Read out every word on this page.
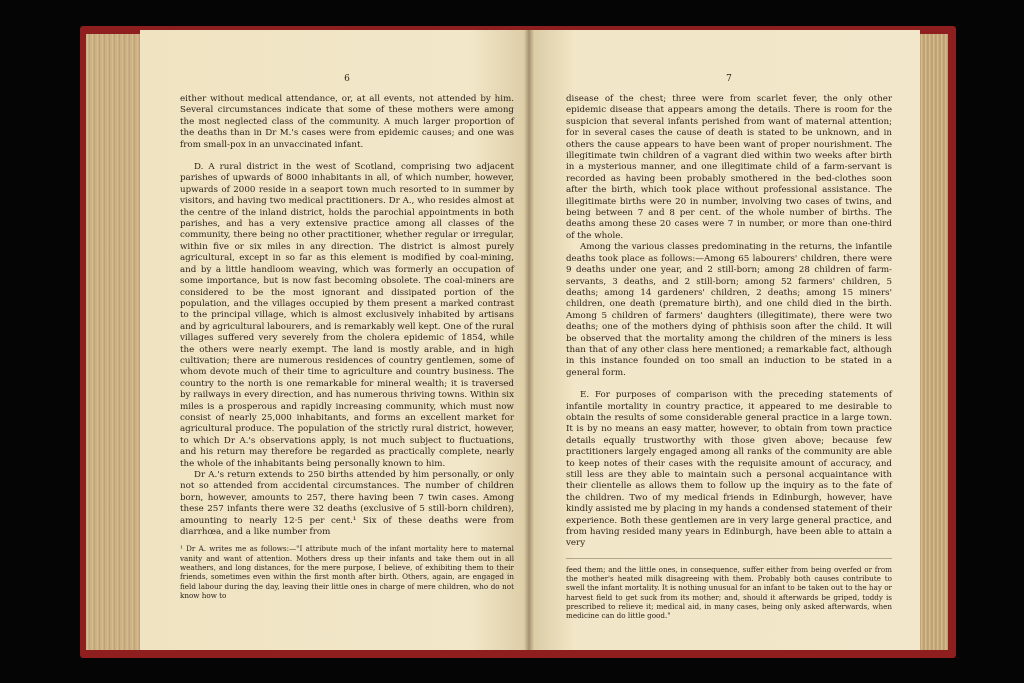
6

either without medical attendance, or, at all events, not attended by him. Several circumstances indicate that some of these mothers were among the most neglected class of the community. A much larger proportion of the deaths than in Dr M.'s cases were from epidemic causes; and one was from small-pox in an unvaccinated infant.

D. A rural district in the west of Scotland, comprising two adjacent parishes of upwards of 8000 inhabitants in all, of which number, however, upwards of 2000 reside in a seaport town much resorted to in summer by visitors, and having two medical practitioners. Dr A., who resides almost at the centre of the inland district, holds the parochial appointments in both parishes, and has a very extensive practice among all classes of the community, there being no other practitioner, whether regular or irregular, within five or six miles in any direction. The district is almost purely agricultural, except in so far as this element is modified by coal-mining, and by a little handloom weaving, which was formerly an occupation of some importance, but is now fast becoming obsolete. The coal-miners are considered to be the most ignorant and dissipated portion of the population, and the villages occupied by them present a marked contrast to the principal village, which is almost exclusively inhabited by artisans and by agricultural labourers, and is remarkably well kept. One of the rural villages suffered very severely from the cholera epidemic of 1854, while the others were nearly exempt. The land is mostly arable, and in high cultivation; there are numerous residences of country gentlemen, some of whom devote much of their time to agriculture and country business. The country to the north is one remarkable for mineral wealth; it is traversed by railways in every direction, and has numerous thriving towns. Within six miles is a prosperous and rapidly increasing community, which must now consist of nearly 25,000 inhabitants, and forms an excellent market for agricultural produce. The population of the strictly rural district, however, to which Dr A.'s observations apply, is not much subject to fluctuations, and his return may therefore be regarded as practically complete, nearly the whole of the inhabitants being personally known to him.

Dr A.'s return extends to 250 births attended by him personally, or only not so attended from accidental circumstances. The number of children born, however, amounts to 257, there having been 7 twin cases. Among these 257 infants there were 32 deaths (exclusive of 5 still-born children), amounting to nearly 12·5 per cent.¹ Six of these deaths were from diarrhœa, and a like number from

¹ Dr A. writes me as follows:—"I attribute much of the infant mortality here to maternal vanity and want of attention. Mothers dress up their infants and take them out in all weathers, and long distances, for the mere purpose, I believe, of exhibiting them to their friends, sometimes even within the first month after birth. Others, again, are engaged in field labour during the day, leaving their little ones in charge of mere children, who do not know how to

7

disease of the chest; three were from scarlet fever, the only other epidemic disease that appears among the details. There is room for the suspicion that several infants perished from want of maternal attention; for in several cases the cause of death is stated to be unknown, and in others the cause appears to have been want of proper nourishment. The illegitimate twin children of a vagrant died within two weeks after birth in a mysterious manner, and one illegitimate child of a farm-servant is recorded as having been probably smothered in the bed-clothes soon after the birth, which took place without professional assistance. The illegitimate births were 20 in number, involving two cases of twins, and being between 7 and 8 per cent. of the whole number of births. The deaths among these 20 cases were 7 in number, or more than one-third of the whole.

Among the various classes predominating in the returns, the infantile deaths took place as follows:—Among 65 labourers' children, there were 9 deaths under one year, and 2 still-born; among 28 children of farm-servants, 3 deaths, and 2 still-born; among 52 farmers' children, 5 deaths; among 14 gardeners' children, 2 deaths; among 15 miners' children, one death (premature birth), and one child died in the birth. Among 5 children of farmers' daughters (illegitimate), there were two deaths; one of the mothers dying of phthisis soon after the child. It will be observed that the mortality among the children of the miners is less than that of any other class here mentioned; a remarkable fact, although in this instance founded on too small an induction to be stated in a general form.

E. For purposes of comparison with the preceding statements of infantile mortality in country practice, it appeared to me desirable to obtain the results of some considerable general practice in a large town. It is by no means an easy matter, however, to obtain from town practice details equally trustworthy with those given above; because few practitioners largely engaged among all ranks of the community are able to keep notes of their cases with the requisite amount of accuracy, and still less are they able to maintain such a personal acquaintance with their clientelle as allows them to follow up the inquiry as to the fate of the children. Two of my medical friends in Edinburgh, however, have kindly assisted me by placing in my hands a condensed statement of their experience. Both these gentlemen are in very large general practice, and from having resided many years in Edinburgh, have been able to attain a very

feed them; and the little ones, in consequence, suffer either from being overfed or from the mother's heated milk disagreeing with them. Probably both causes contribute to swell the infant mortality. It is nothing unusual for an infant to be taken out to the hay or harvest field to get suck from its mother; and, should it afterwards be griped, toddy is prescribed to relieve it; medical aid, in many cases, being only asked afterwards, when medicine can do little good."
